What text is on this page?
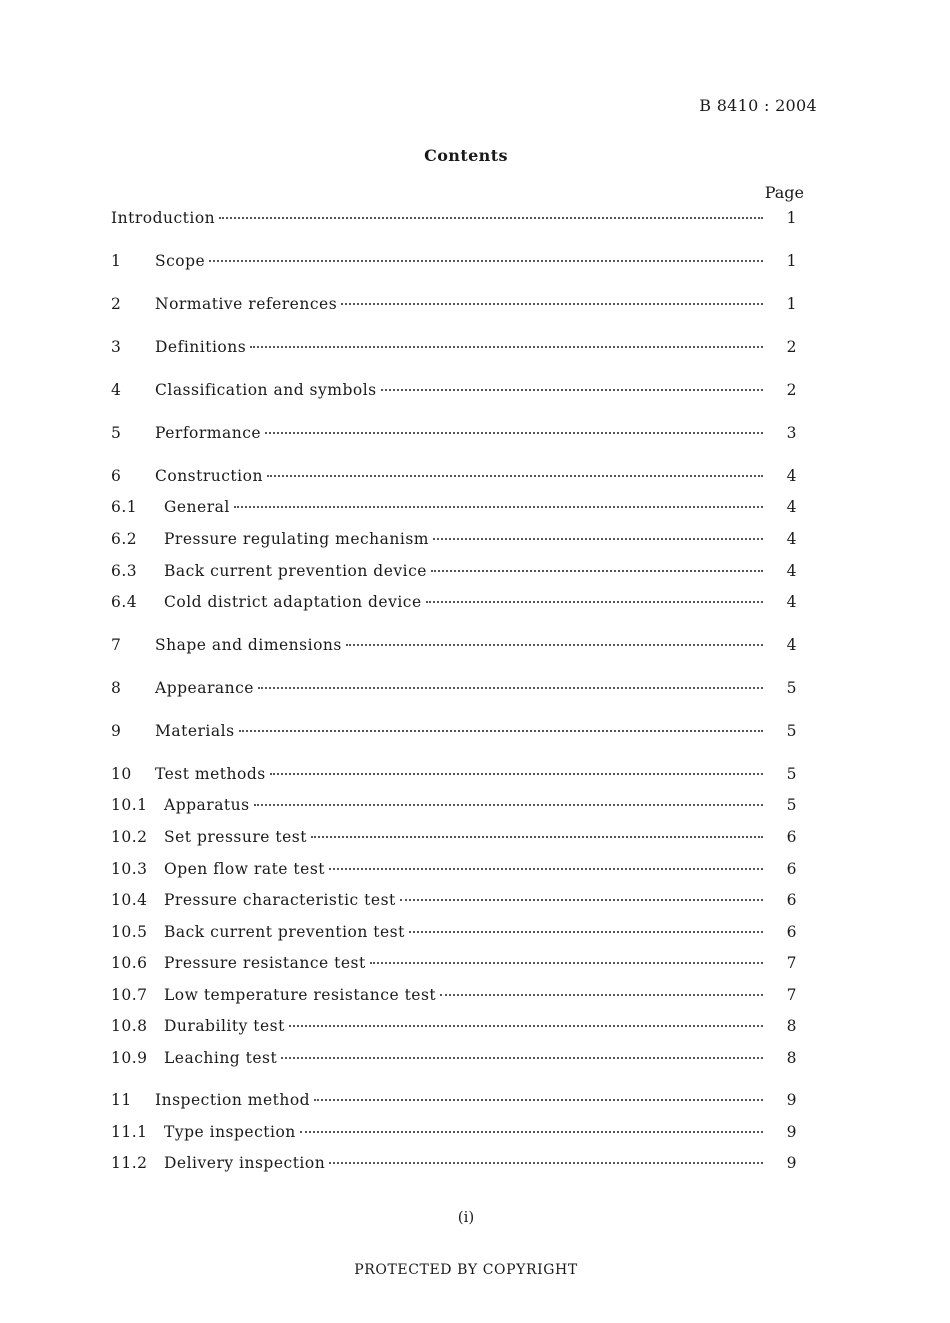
B 8410 : 2004
Contents
Page
Introduction	1
1	Scope	1
2	Normative references	1
3	Definitions	2
4	Classification and symbols	2
5	Performance	3
6	Construction	4
6.1	General	4
6.2	Pressure regulating mechanism	4
6.3	Back current prevention device	4
6.4	Cold district adaptation device	4
7	Shape and dimensions	4
8	Appearance	5
9	Materials	5
10	Test methods	5
10.1	Apparatus	5
10.2	Set pressure test	6
10.3	Open flow rate test	6
10.4	Pressure characteristic test	6
10.5	Back current prevention test	6
10.6	Pressure resistance test	7
10.7	Low temperature resistance test	7
10.8	Durability test	8
10.9	Leaching test	8
11	Inspection method	9
11.1	Type inspection	9
11.2	Delivery inspection	9
(i)
PROTECTED BY COPYRIGHT
